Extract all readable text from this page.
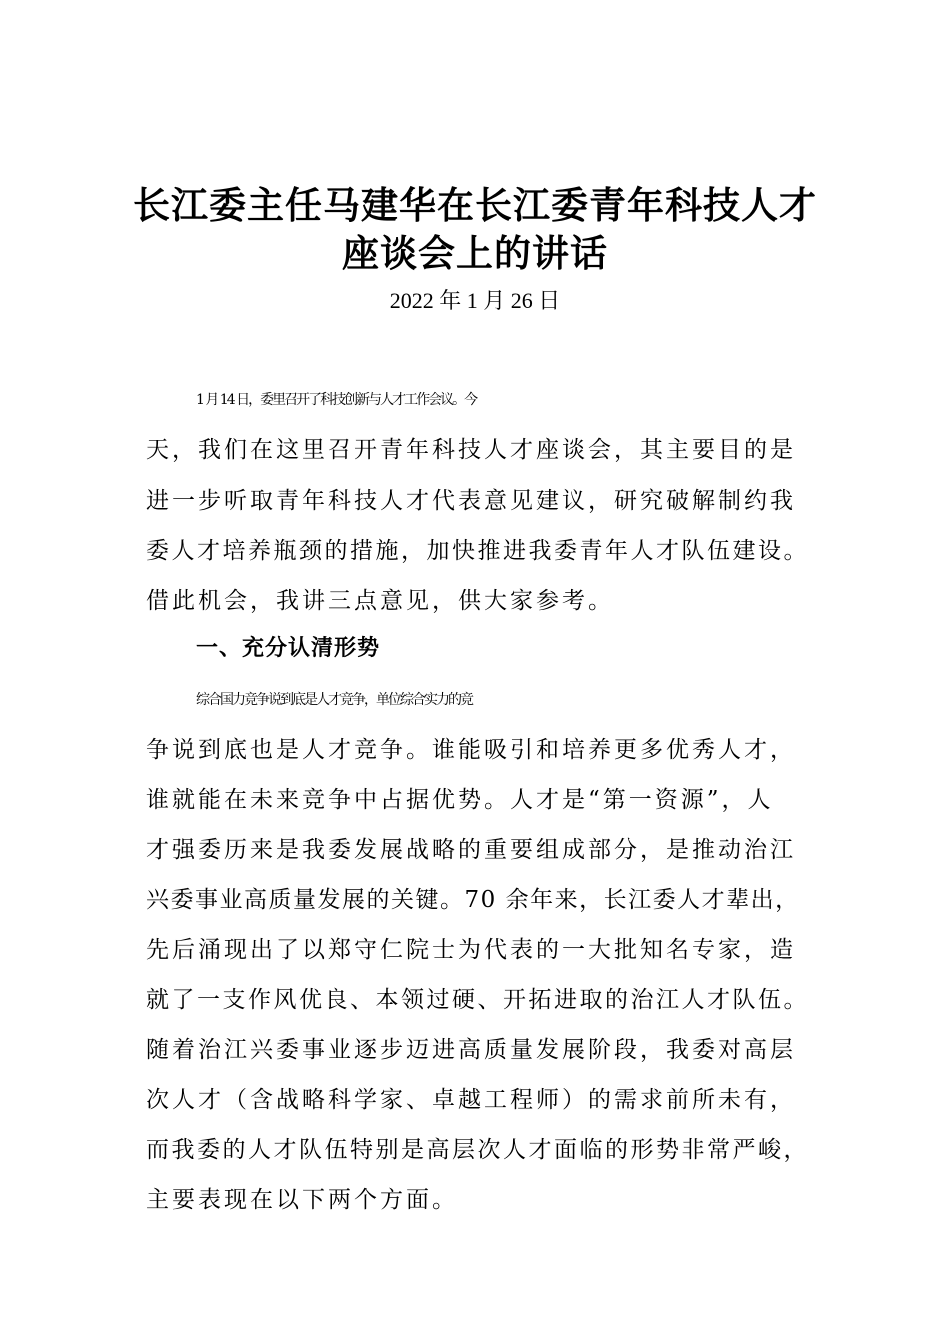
长江委主任马建华在长江委青年科技人才
座谈会上的讲话
2022 年 1 月 26 日
1 月 14 日，委里召开了科技创新与人才工作会议。今
天，我们在这里召开青年科技人才座谈会，其主要目的是
进一步听取青年科技人才代表意见建议，研究破解制约我
委人才培养瓶颈的措施，加快推进我委青年人才队伍建设。
借此机会，我讲三点意见，供大家参考。
一、充分认清形势
综合国力竞争说到底是人才竞争，单位综合实力的竞
争说到底也是人才竞争。谁能吸引和培养更多优秀人才，
谁就能在未来竞争中占据优势。人才是“第一资源”，人
才强委历来是我委发展战略的重要组成部分，是推动治江
兴委事业高质量发展的关键。70 余年来，长江委人才辈出，
先后涌现出了以郑守仁院士为代表的一大批知名专家，造
就了一支作风优良、本领过硬、开拓进取的治江人才队伍。
随着治江兴委事业逐步迈进高质量发展阶段，我委对高层
次人才（含战略科学家、卓越工程师）的需求前所未有，
而我委的人才队伍特别是高层次人才面临的形势非常严峻，
主要表现在以下两个方面。
